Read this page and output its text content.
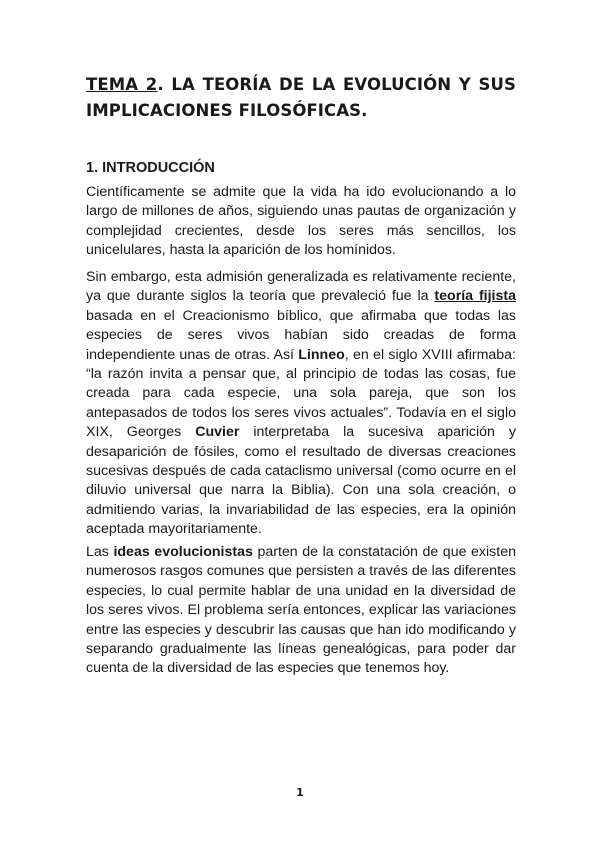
TEMA 2. LA TEORÍA DE LA EVOLUCIÓN Y SUS IMPLICACIONES FILOSÓFICAS.
1. INTRODUCCIÓN

Científicamente se admite que la vida ha ido evolucionando a lo largo de millones de años, siguiendo unas pautas de organización y complejidad crecientes, desde los seres más sencillos, los unicelulares, hasta la aparición de los homínidos.

Sin embargo, esta admisión generalizada es relativamente reciente, ya que durante siglos la teoría que prevaleció fue la teoría fijista basada en el Creacionismo bíblico, que afirmaba que todas las especies de seres vivos habían sido creadas de forma independiente unas de otras. Así Linneo, en el siglo XVIII afirmaba: “la razón invita a pensar que, al principio de todas las cosas, fue creada para cada especie, una sola pareja, que son los antepasados de todos los seres vivos actuales”. Todavía en el siglo XIX, Georges Cuvier interpretaba la sucesiva aparición y desaparición de fósiles, como el resultado de diversas creaciones sucesivas después de cada cataclismo universal (como ocurre en el diluvio universal que narra la Biblia). Con una sola creación, o admitiendo varias, la invariabilidad de las especies, era la opinión aceptada mayoritariamente.

Las ideas evolucionistas parten de la constatación de que existen numerosos rasgos comunes que persisten a través de las diferentes especies, lo cual permite hablar de una unidad en la diversidad de los seres vivos. El problema sería entonces, explicar las variaciones entre las especies y descubrir las causas que han ido modificando y separando gradualmente las líneas genealógicas, para poder dar cuenta de la diversidad de las especies que tenemos hoy.

1
